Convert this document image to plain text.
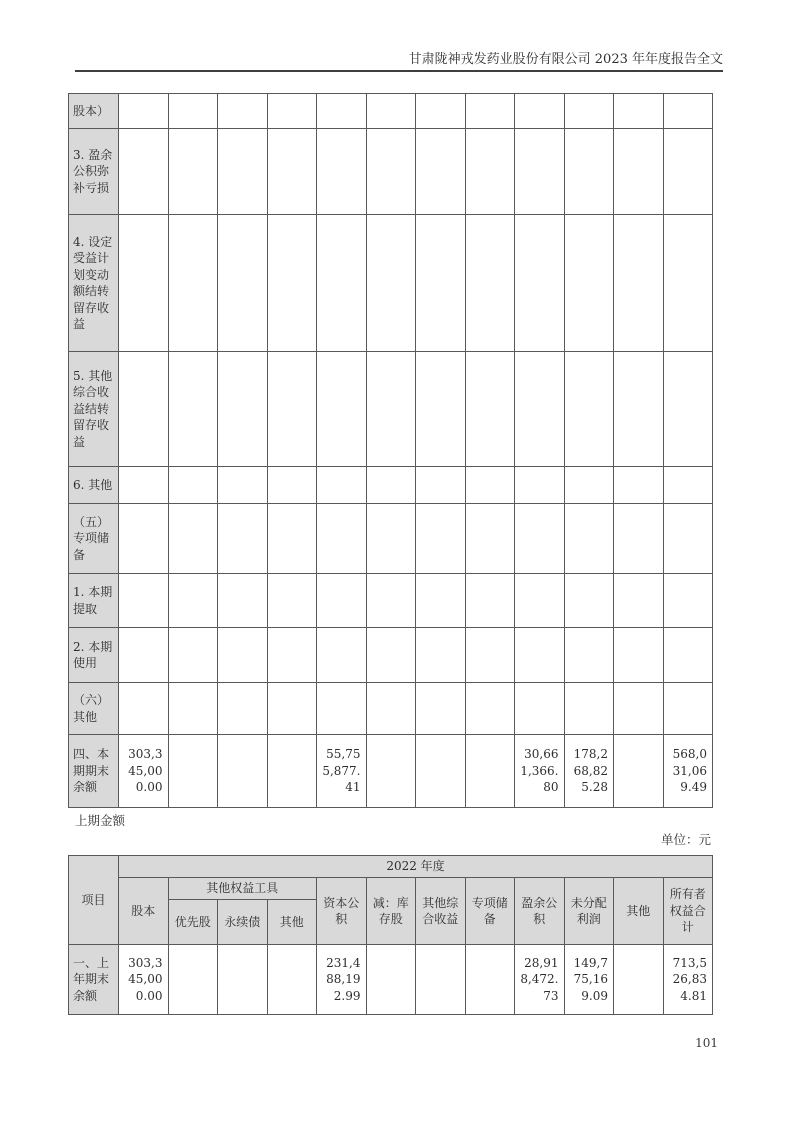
甘肃陇神戎发药业股份有限公司 2023 年年度报告全文
股本）												
3. 盈余公积弥补亏损												
4. 设定受益计划变动额结转留存收益												
5. 其他综合收益结转留存收益												
6. 其他												
（五）专项储备												
1. 本期提取												
2. 本期使用												
（六）其他												
四、本期期末余额	303,345,000.00				55,755,877.41				30,661,366.80	178,268,825.28		568,031,069.49
上期金额
单位：元
项目	2022 年度											
	股本	其他权益工具			资本公积	减：库存股	其他综合收益	专项储备	盈余公积	未分配利润	其他	所有者权益合计
		优先股	永续债	其他								
一、上年期末余额	303,345,000.00				231,488,192.99				28,918,472.73	149,775,169.09		713,526,834.81
101
